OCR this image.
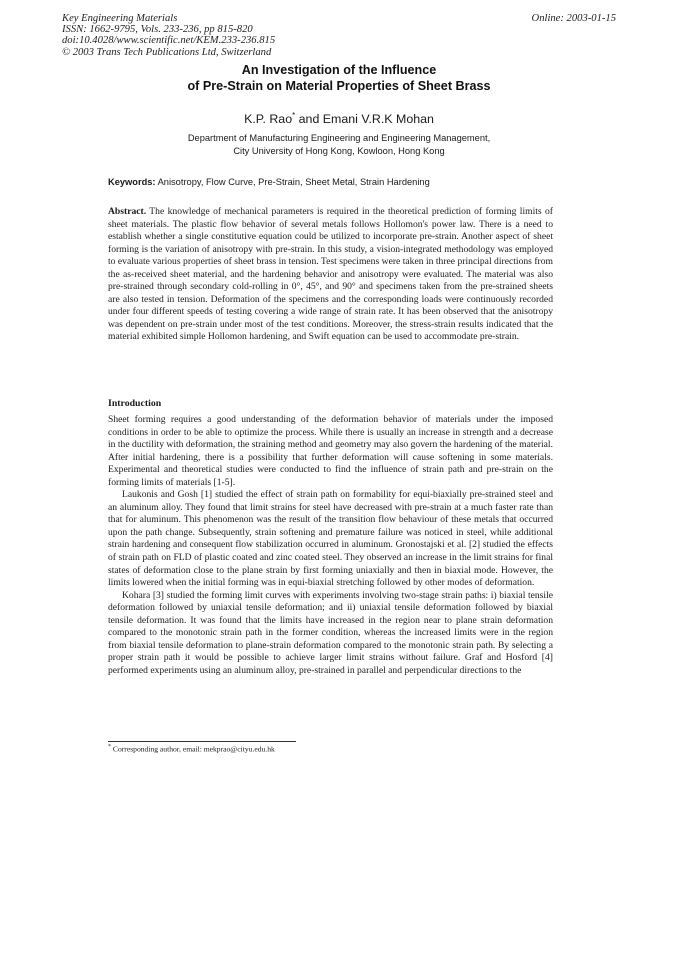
Key Engineering Materials
ISSN: 1662-9795, Vols. 233-236, pp 815-820
doi:10.4028/www.scientific.net/KEM.233-236.815
© 2003 Trans Tech Publications Ltd, Switzerland
Online: 2003-01-15
An Investigation of the Influence
of Pre-Strain on Material Properties of Sheet Brass
K.P. Rao* and Emani V.R.K Mohan
Department of Manufacturing Engineering and Engineering Management,
City University of Hong Kong, Kowloon, Hong Kong
Keywords: Anisotropy, Flow Curve, Pre-Strain, Sheet Metal, Strain Hardening
Abstract. The knowledge of mechanical parameters is required in the theoretical prediction of forming limits of sheet materials. The plastic flow behavior of several metals follows Hollomon's power law. There is a need to establish whether a single constitutive equation could be utilized to incorporate pre-strain. Another aspect of sheet forming is the variation of anisotropy with pre-strain. In this study, a vision-integrated methodology was employed to evaluate various properties of sheet brass in tension. Test specimens were taken in three principal directions from the as-received sheet material, and the hardening behavior and anisotropy were evaluated. The material was also pre-strained through secondary cold-rolling in 0°, 45°, and 90° and specimens taken from the pre-strained sheets are also tested in tension. Deformation of the specimens and the corresponding loads were continuously recorded under four different speeds of testing covering a wide range of strain rate. It has been observed that the anisotropy was dependent on pre-strain under most of the test conditions. Moreover, the stress-strain results indicated that the material exhibited simple Hollomon hardening, and Swift equation can be used to accommodate pre-strain.
Introduction

Sheet forming requires a good understanding of the deformation behavior of materials under the imposed conditions in order to be able to optimize the process. While there is usually an increase in strength and a decrease in the ductility with deformation, the straining method and geometry may also govern the hardening of the material. After initial hardening, there is a possibility that further deformation will cause softening in some materials. Experimental and theoretical studies were conducted to find the influence of strain path and pre-strain on the forming limits of materials [1-5].

Laukonis and Gosh [1] studied the effect of strain path on formability for equi-biaxially pre-strained steel and an aluminum alloy. They found that limit strains for steel have decreased with pre-strain at a much faster rate than that for aluminum. This phenomenon was the result of the transition flow behaviour of these metals that occurred upon the path change. Subsequently, strain softening and premature failure was noticed in steel, while additional strain hardening and consequent flow stabilization occurred in aluminum. Gronostajski et al. [2] studied the effects of strain path on FLD of plastic coated and zinc coated steel. They observed an increase in the limit strains for final states of deformation close to the plane strain by first forming uniaxially and then in biaxial mode. However, the limits lowered when the initial forming was in equi-biaxial stretching followed by other modes of deformation.

Kohara [3] studied the forming limit curves with experiments involving two-stage strain paths: i) biaxial tensile deformation followed by uniaxial tensile deformation; and ii) uniaxial tensile deformation followed by biaxial tensile deformation. It was found that the limits have increased in the region near to plane strain deformation compared to the monotonic strain path in the former condition, whereas the increased limits were in the region from biaxial tensile deformation to plane-strain deformation compared to the monotonic strain path. By selecting a proper strain path it would be possible to achieve larger limit strains without failure. Graf and Hosford [4] performed experiments using an aluminum alloy, pre-strained in parallel and perpendicular directions to the

* Corresponding author, email: mekprao@cityu.edu.hk
